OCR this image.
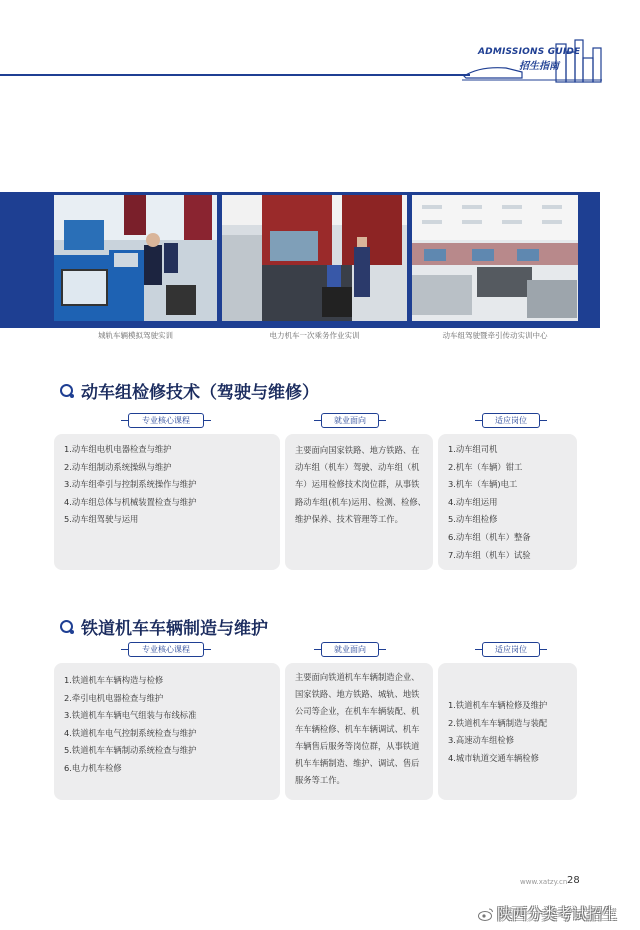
ADMISSIONS GUIDE
招生指南
城轨车辆模拟驾驶实训	电力机车一次乘务作业实训	动车组驾驶暨牵引传动实训中心
动车组检修技术（驾驶与维修）
专业核心课程	就业面向	适应岗位
1.动车组电机电器检查与维护
2.动车组制动系统操纵与维护
3.动车组牵引与控制系统操作与维护
4.动车组总体与机械装置检查与维护
5.动车组驾驶与运用

主要面向国家铁路、地方铁路、在

动车组（机车）驾驶、动车组（机

车）运用检修技术岗位群，从事铁

路动车组(机车)运用、检测、检修、

维护保养、技术管理等工作。

1.动车组司机
2.机车（车辆）钳工
3.机车（车辆)电工
4.动车组运用
5.动车组检修
6.动车组（机车）整备
7.动车组（机车）试验
铁道机车车辆制造与维护
专业核心课程	就业面向	适应岗位
1.铁道机车车辆构造与检修
2.牵引电机电器检查与维护
3.铁道机车车辆电气组装与布线标准
4.铁道机车电气控制系统检查与维护
5.铁道机车车辆制动系统检查与维护
6.电力机车检修

主要面向铁道机车车辆制造企业、

国家铁路、地方铁路、城轨、地铁

公司等企业，在机车车辆装配、机

车车辆检修、机车车辆调试、机车

车辆售后服务等岗位群，从事铁道

机车车辆制造、维护、调试、售后

服务等工作。

1.铁道机车车辆检修及维护
2.铁道机车车辆制造与装配
3.高速动车组检修
4.城市轨道交通车辆检修
www.xatzy.cn 28
陕西分类考试招生
